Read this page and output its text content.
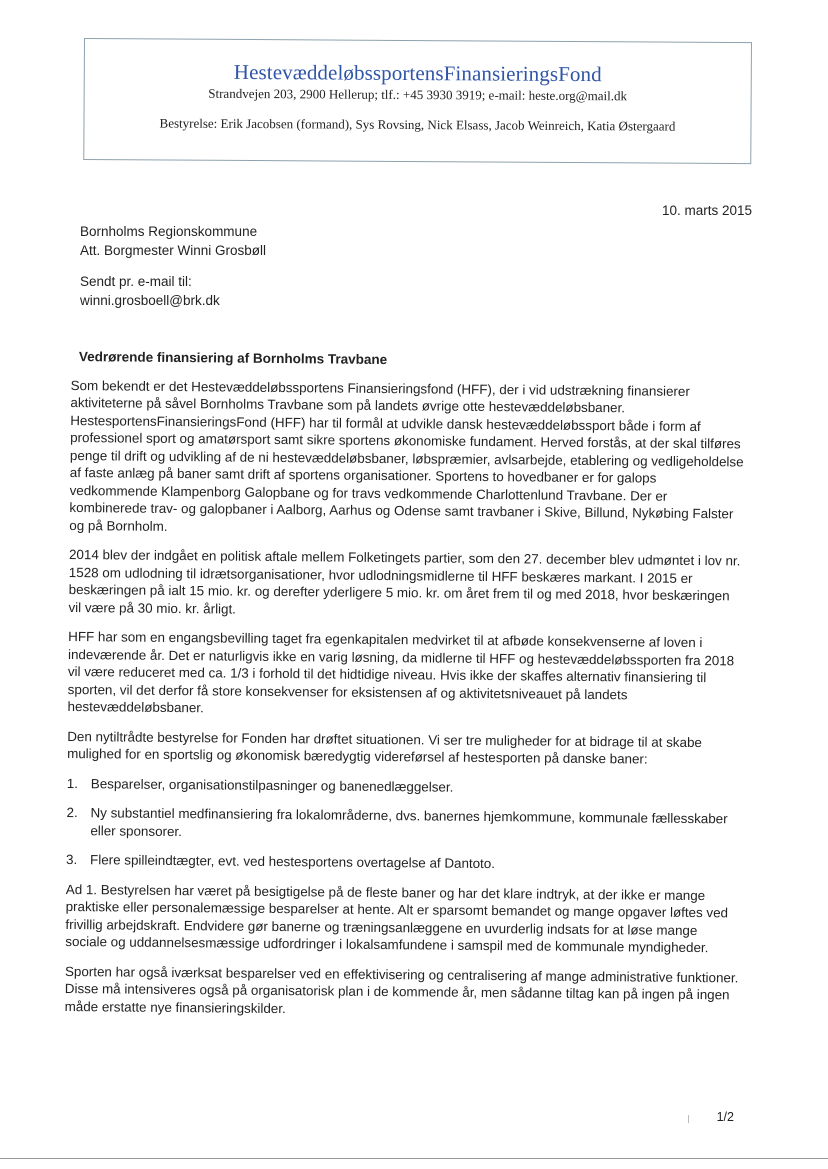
HestevæddeløbssportensFinansieringsFond
Strandvejen 203, 2900 Hellerup; tlf.: +45 3930 3919; e-mail: heste.org@mail.dk
Bestyrelse: Erik Jacobsen (formand), Sys Rovsing, Nick Elsass, Jacob Weinreich, Katia Østergaard
10. marts 2015
Bornholms Regionskommune
Att. Borgmester Winni Grosbøll
Sendt pr. e-mail til:
winni.grosboell@brk.dk
Vedrørende finansiering af Bornholms Travbane

Som bekendt er det Hestevæddeløbssportens Finansieringsfond (HFF), der i vid udstrækning finansierer aktiviteterne på såvel Bornholms Travbane som på landets øvrige otte hestevæddeløbsbaner. HestesportensFinansieringsFond (HFF) har til formål at udvikle dansk hestevæddeløbssport både i form af professionel sport og amatørsport samt sikre sportens økonomiske fundament. Herved forstås, at der skal tilføres penge til drift og udvikling af de ni hestevæddeløbsbaner, løbspræmier, avlsarbejde, etablering og vedligeholdelse af faste anlæg på baner samt drift af sportens organisationer. Sportens to hovedbaner er for galops vedkommende Klampenborg Galopbane og for travs vedkommende Charlottenlund Travbane. Der er kombinerede trav- og galopbaner i Aalborg, Aarhus og Odense samt travbaner i Skive, Billund, Nykøbing Falster og på Bornholm.

2014 blev der indgået en politisk aftale mellem Folketingets partier, som den 27. december blev udmøntet i lov nr. 1528 om udlodning til idrætsorganisationer, hvor udlodningsmidlerne til HFF beskæres markant. I 2015 er beskæringen på ialt 15 mio. kr. og derefter yderligere 5 mio. kr. om året frem til og med 2018, hvor beskæringen vil være på 30 mio. kr. årligt.

HFF har som en engangsbevilling taget fra egenkapitalen medvirket til at afbøde konsekvenserne af loven i indeværende år. Det er naturligvis ikke en varig løsning, da midlerne til HFF og hestevæddeløbssporten fra 2018 vil være reduceret med ca. 1/3 i forhold til det hidtidige niveau. Hvis ikke der skaffes alternativ finansiering til sporten, vil det derfor få store konsekvenser for eksistensen af og aktivitetsniveauet på landets hestevæddeløbsbaner.

Den nytiltrådte bestyrelse for Fonden har drøftet situationen. Vi ser tre muligheder for at bidrage til at skabe mulighed for en sportslig og økonomisk bæredygtig videreførsel af hestesporten på danske baner:

1. Besparelser, organisationstilpasninger og banenedlæggelser.
2. Ny substantiel medfinansiering fra lokalområderne, dvs. banernes hjemkommune, kommunale fællesskaber eller sponsorer.
3. Flere spilleindtægter, evt. ved hestesportens overtagelse af Dantoto.

Ad 1. Bestyrelsen har været på besigtigelse på de fleste baner og har det klare indtryk, at der ikke er mange praktiske eller personalemæssige besparelser at hente. Alt er sparsomt bemandet og mange opgaver løftes ved frivillig arbejdskraft. Endvidere gør banerne og træningsanlæggene en uvurderlig indsats for at løse mange sociale og uddannelsesmæssige udfordringer i lokalsamfundene i samspil med de kommunale myndigheder.

Sporten har også iværksat besparelser ved en effektivisering og centralisering af mange administrative funktioner. Disse må intensiveres også på organisatorisk plan i de kommende år, men sådanne tiltag kan på ingen på ingen måde erstatte nye finansieringskilder.

1/2
